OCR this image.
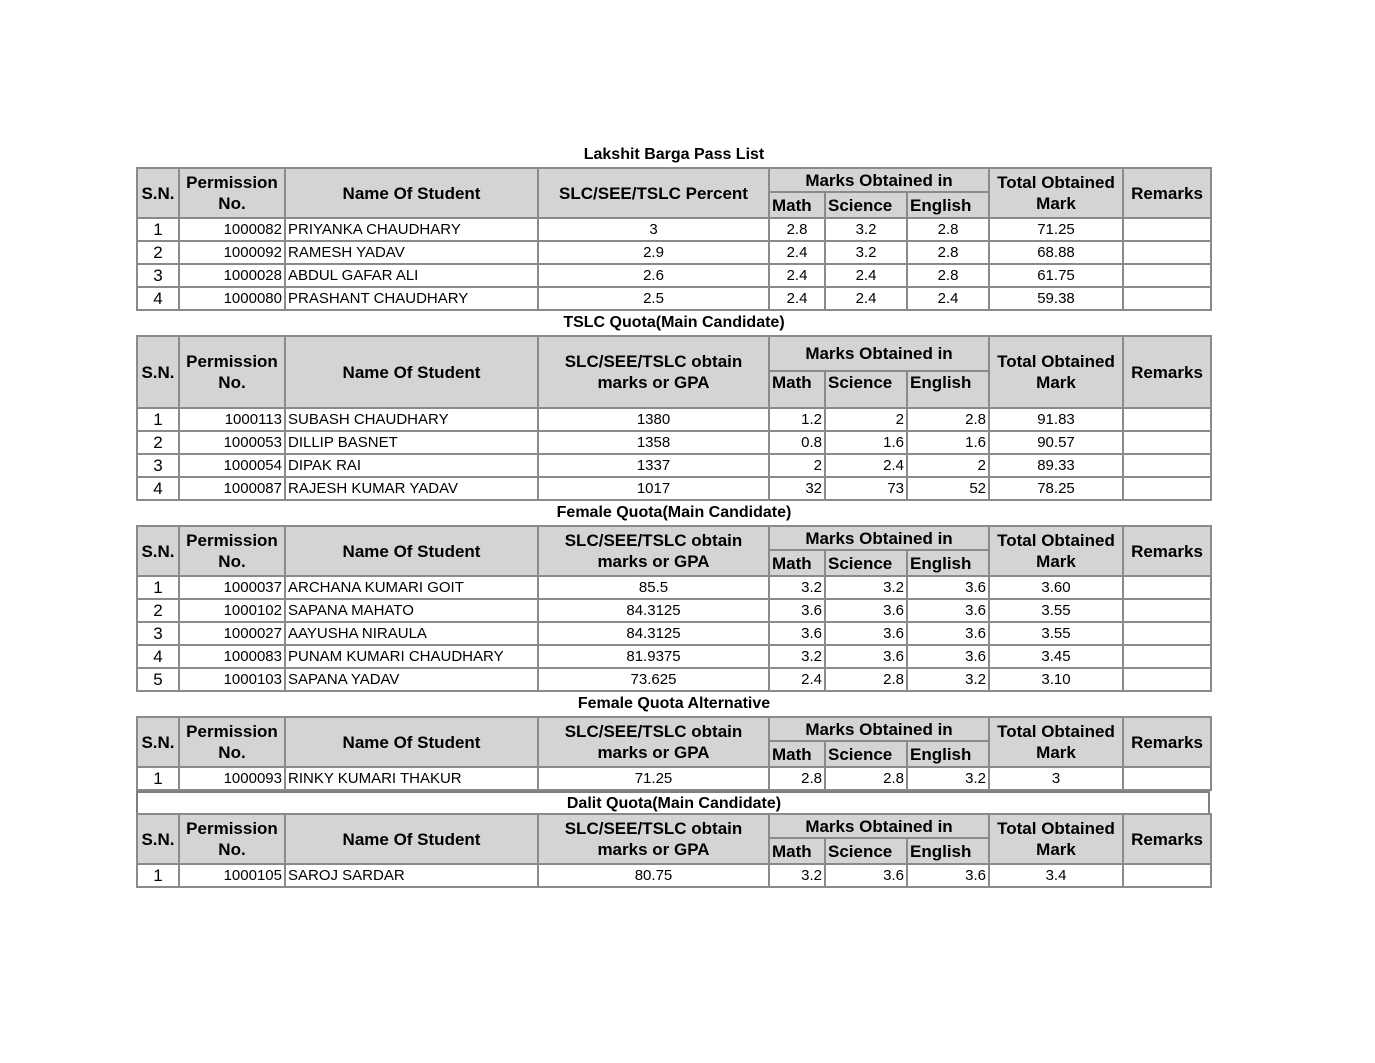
Lakshit Barga Pass List
S.N.	Permission No.	Name Of Student	SLC/SEE/TSLC Percent	Marks Obtained in			Total Obtained Mark	Remarks
				Math	Science	English		
1	1000082	PRIYANKA CHAUDHARY	3	2.8	3.2	2.8	71.25	
2	1000092	RAMESH YADAV	2.9	2.4	3.2	2.8	68.88	
3	1000028	ABDUL GAFAR ALI	2.6	2.4	2.4	2.8	61.75	
4	1000080	PRASHANT CHAUDHARY	2.5	2.4	2.4	2.4	59.38	
TSLC Quota(Main Candidate)
S.N.	Permission No.	Name Of Student	SLC/SEE/TSLC obtain marks or GPA	Marks Obtained in			Total Obtained Mark	Remarks
				Math	Science	English		
1	1000113	SUBASH CHAUDHARY	1380	1.2	2	2.8	91.83	
2	1000053	DILLIP BASNET	1358	0.8	1.6	1.6	90.57	
3	1000054	DIPAK RAI	1337	2	2.4	2	89.33	
4	1000087	RAJESH KUMAR YADAV	1017	32	73	52	78.25	
Female Quota(Main Candidate)
S.N.	Permission No.	Name Of Student	SLC/SEE/TSLC obtain marks or GPA	Marks Obtained in			Total Obtained Mark	Remarks
				Math	Science	English		
1	1000037	ARCHANA KUMARI GOIT	85.5	3.2	3.2	3.6	3.60	
2	1000102	SAPANA MAHATO	84.3125	3.6	3.6	3.6	3.55	
3	1000027	AAYUSHA NIRAULA	84.3125	3.6	3.6	3.6	3.55	
4	1000083	PUNAM KUMARI CHAUDHARY	81.9375	3.2	3.6	3.6	3.45	
5	1000103	SAPANA YADAV	73.625	2.4	2.8	3.2	3.10	
Female Quota Alternative
S.N.	Permission No.	Name Of Student	SLC/SEE/TSLC obtain marks or GPA	Marks Obtained in			Total Obtained Mark	Remarks
				Math	Science	English		
1	1000093	RINKY KUMARI THAKUR	71.25	2.8	2.8	3.2	3	
Dalit Quota(Main Candidate)
S.N.	Permission No.	Name Of Student	SLC/SEE/TSLC obtain marks or GPA	Marks Obtained in			Total Obtained Mark	Remarks
				Math	Science	English		
1	1000105	SAROJ SARDAR	80.75	3.2	3.6	3.6	3.4	
